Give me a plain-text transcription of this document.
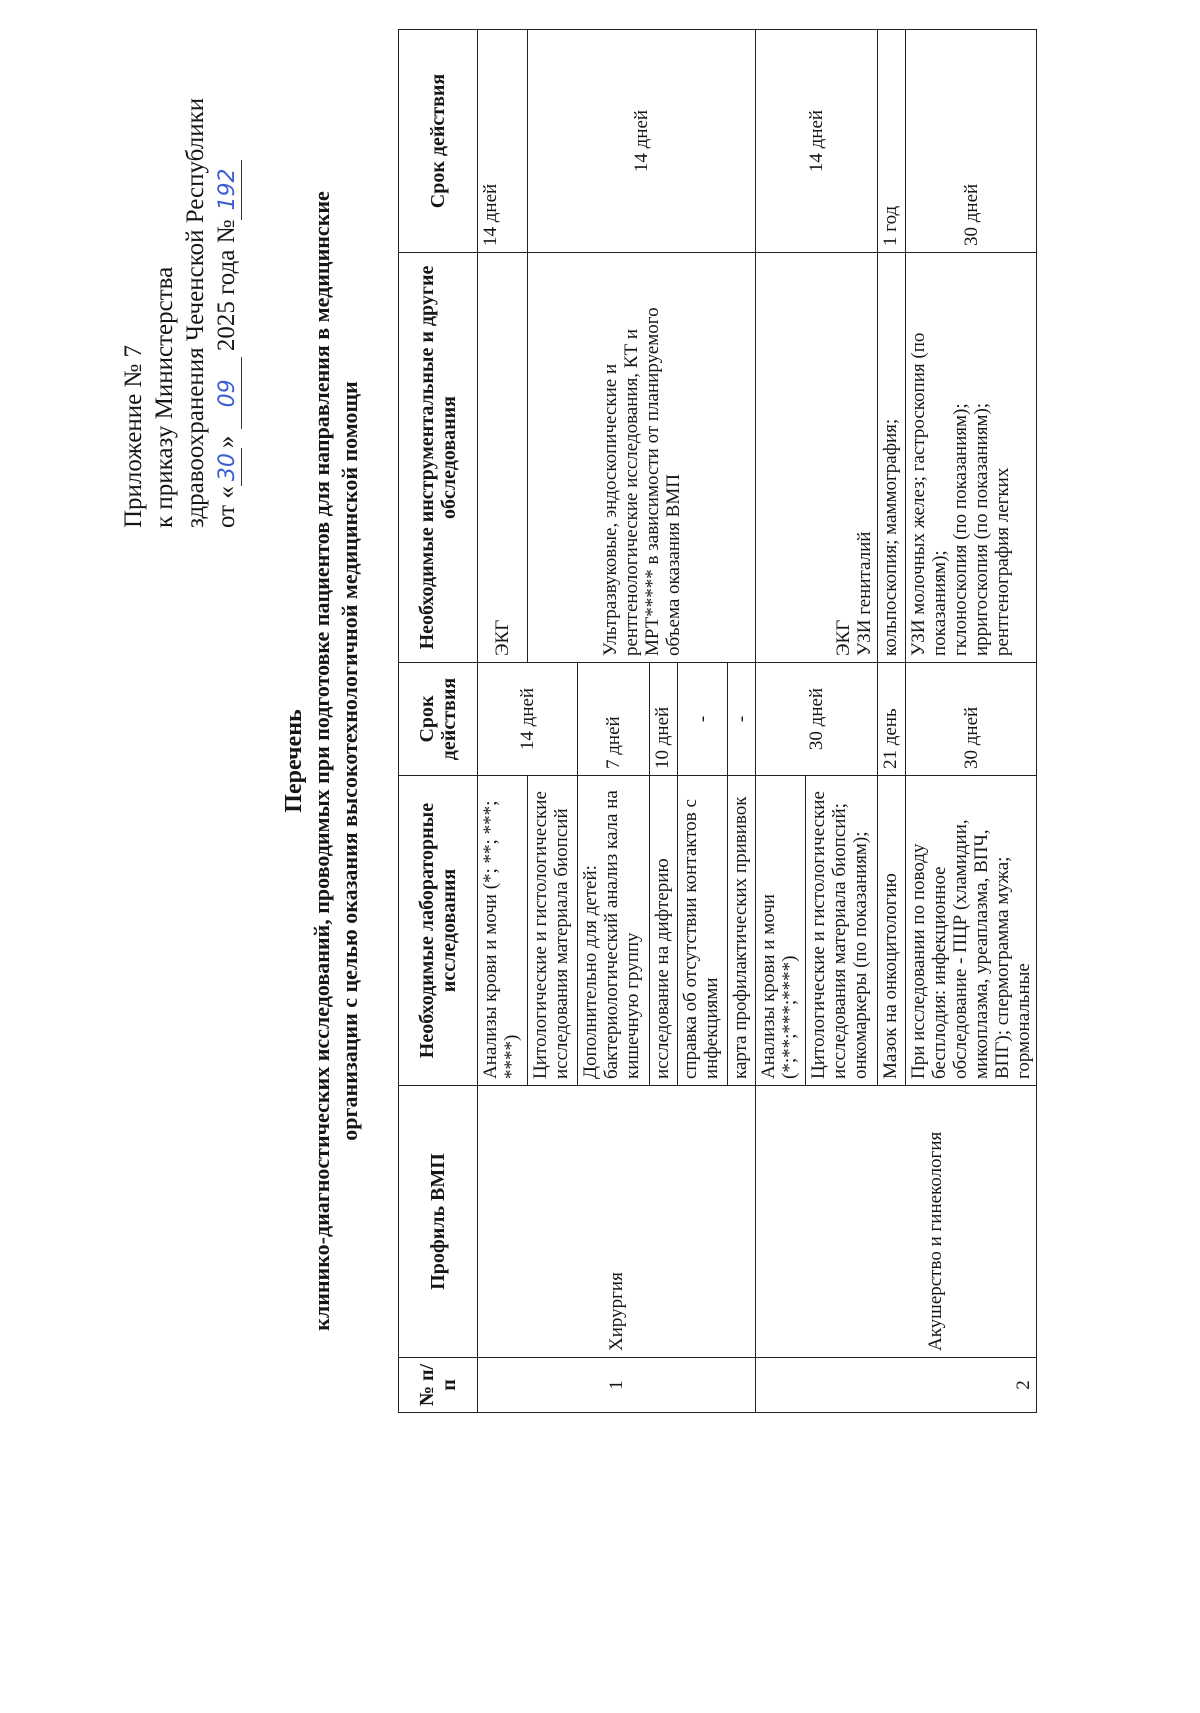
Приложение № 7 к приказу Министерства здравоохранения Чеченской Республики от «30» 09 2025 года №192
Перечень клинико-диагностических исследований, проводимых при подготовке пациентов для направления в медицинские организации с целью оказания высокотехнологичной медицинской помощи
№ п/п	Профиль ВМП	Необходимые лабораторные исследования	Срок действия	Необходимые инструментальные и другие обследования	Срок действия
1	Хирургия	Анализы крови и мочи (*; **; ***; ****)	14 дней	ЭКГ	14 дней
		Цитологические и гистологические исследования материала биопсий		Ультразвуковые, эндоскопические и рентгенологические исследования, КТ и МРТ***** в зависимости от планируемого объема оказания ВМП	14 дней
		Дополнительно для детей: бактериологический анализ кала на кишечную группу	7 дней		
		исследование на дифтерию	10 дней		
		справка об отсутствии контактов с инфекциями	-		
		карта профилактических прививок	-		
2	Акушерство и гинекология	Анализы крови и мочи (*;**;***;****)	30 дней	ЭКГ УЗИ гениталий	14 дней
		Цитологические и гистологические исследования материала биопсий; онкомаркеры (по показаниям);			
		Мазок на онкоцитологию	21 день	кольпоскопия; маммография;	1 год
		При исследовании по поводу бесплодия: инфекционное обследование - ПЦР (хламидии, микоплазма, уреаплазма, ВПЧ, ВПГ); спермограмма мужа; гормональные	30 дней	УЗИ молочных желез; гастроскопия (по показаниям); гклоноскопия (по показаниям); ирригоскопия (по показаниям); рентгенография легких	30 дней
